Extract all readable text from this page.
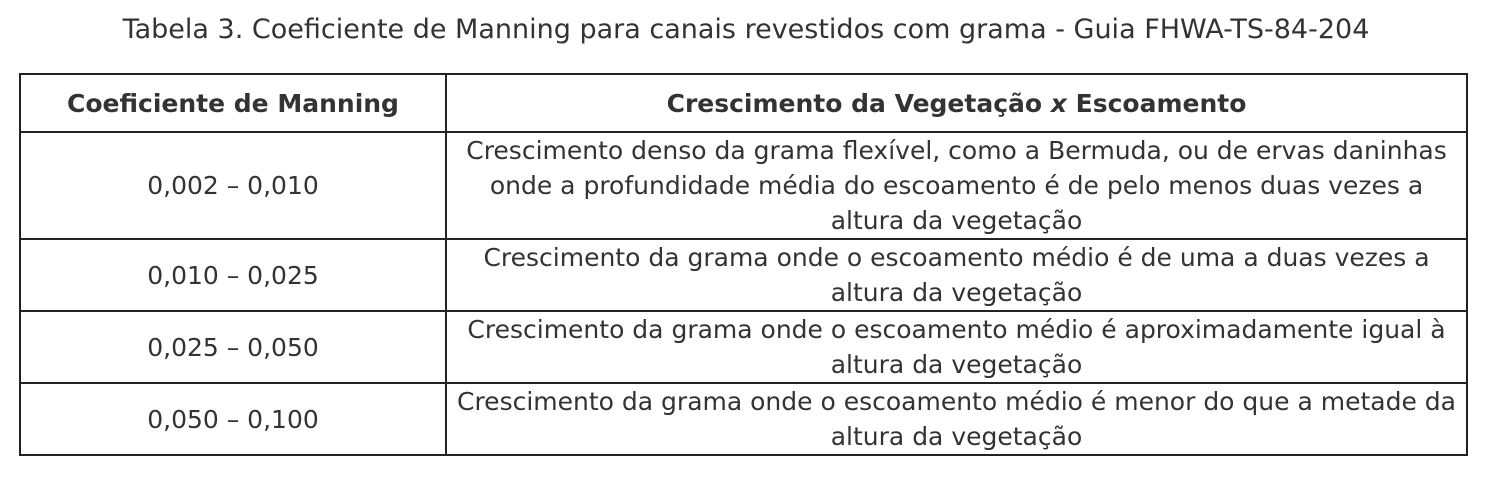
Tabela 3. Coeficiente de Manning para canais revestidos com grama - Guia FHWA-TS-84-204
Coeficiente de Manning	Crescimento da Vegetação x Escoamento
0,002 – 0,010	Crescimento denso da grama flexível, como a Bermuda, ou de ervas daninhas onde a profundidade média do escoamento é de pelo menos duas vezes a altura da vegetação
0,010 – 0,025	Crescimento da grama onde o escoamento médio é de uma a duas vezes a altura da vegetação
0,025 – 0,050	Crescimento da grama onde o escoamento médio é aproximadamente igual à altura da vegetação
0,050 – 0,100	Crescimento da grama onde o escoamento médio é menor do que a metade da altura da vegetação
